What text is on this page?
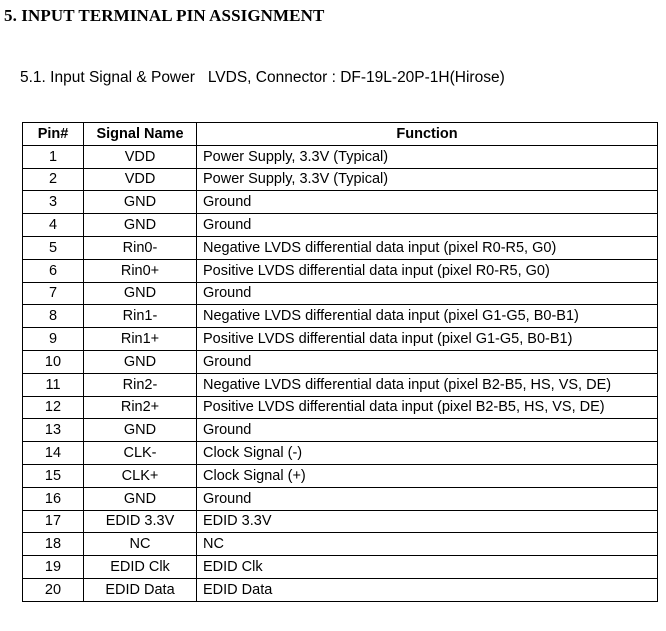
5. INPUT TERMINAL PIN ASSIGNMENT
5.1. Input Signal & Power   LVDS, Connector : DF-19L-20P-1H(Hirose)
Pin#	Signal Name	Function
1	VDD	Power Supply, 3.3V (Typical)
2	VDD	Power Supply, 3.3V (Typical)
3	GND	Ground
4	GND	Ground
5	Rin0-	Negative LVDS differential data input (pixel R0-R5, G0)
6	Rin0+	Positive LVDS differential data input (pixel R0-R5, G0)
7	GND	Ground
8	Rin1-	Negative LVDS differential data input (pixel G1-G5, B0-B1)
9	Rin1+	Positive LVDS differential data input (pixel G1-G5, B0-B1)
10	GND	Ground
11	Rin2-	Negative LVDS differential data input (pixel B2-B5, HS, VS, DE)
12	Rin2+	Positive LVDS differential data input (pixel B2-B5, HS, VS, DE)
13	GND	Ground
14	CLK-	Clock Signal (-)
15	CLK+	Clock Signal (+)
16	GND	Ground
17	EDID 3.3V	EDID 3.3V
18	NC	NC
19	EDID Clk	EDID Clk
20	EDID Data	EDID Data
